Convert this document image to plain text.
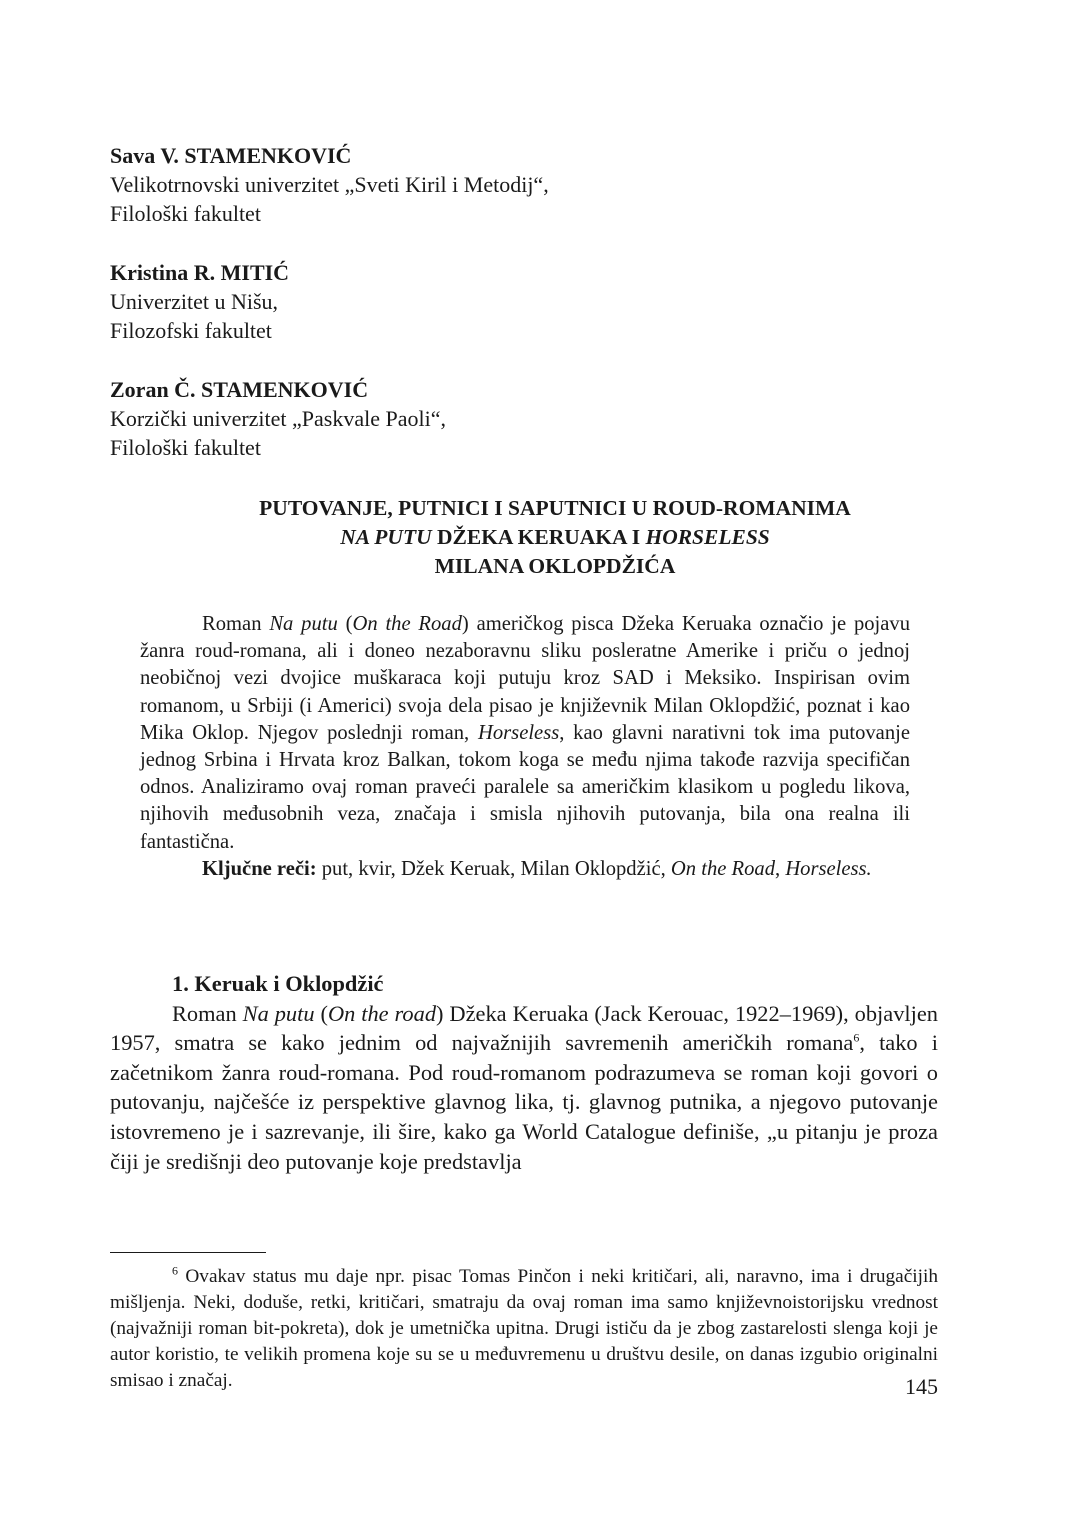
Sava V. STAMENKOVIĆ
Velikotrnovski univerzitet „Sveti Kiril i Metodij“,
Filološki fakultet
Kristina R. MITIĆ
Univerzitet u Nišu,
Filozofski fakultet
Zoran Č. STAMENKOVIĆ
Korzički univerzitet „Paskvale Paoli“,
Filološki fakultet
PUTOVANJE, PUTNICI I SAPUTNICI U ROUD-ROMANIMA
NA PUTU DŽEKA KERUAKA I HORSELESS
MILANA OKLOPDŽIĆA

Roman Na putu (On the Road) američkog pisca Džeka Keruaka označio je pojavu žanra roud-romana, ali i doneo nezaboravnu sliku posleratne Amerike i priču o jednoj neobičnoj vezi dvojice muškaraca koji putuju kroz SAD i Meksiko. Inspirisan ovim romanom, u Srbiji (i Americi) svoja dela pisao je književnik Milan Oklopdžić, poznat i kao Mika Oklop. Njegov poslednji roman, Horseless, kao glavni narativni tok ima putovanje jednog Srbina i Hrvata kroz Balkan, tokom koga se među njima takođe razvija specifičan odnos. Analiziramo ovaj roman praveći paralele sa američkim klasikom u pogledu likova, njihovih međusobnih veza, značaja i smisla njihovih putovanja, bila ona realna ili fantastična.

Ključne reči: put, kvir, Džek Keruak, Milan Oklopdžić, On the Road, Horseless.

1. Keruak i Oklopdžić

Roman Na putu (On the road) Džeka Keruaka (Jack Kerouac, 1922–1969), objavljen 1957, smatra se kako jednim od najvažnijih savremenih američkih romana$^6$, tako i začetnikom žanra roud-romana. Pod roud-romanom podrazumeva se roman koji govori o putovanju, najčešće iz perspektive glavnog lika, tj. glavnog putnika, a njegovo putovanje istovremeno je i sazrevanje, ili šire, kako ga World Catalogue definiše, „u pitanju je proza čiji je središnji deo putovanje koje predstavlja

$^6$ Ovakav status mu daje npr. pisac Tomas Pinčon i neki kritičari, ali, naravno, ima i drugačijih mišljenja. Neki, doduše, retki, kritičari, smatraju da ovaj roman ima samo književnoistorijsku vrednost (najvažniji roman bit-pokreta), dok je umetnička upitna. Drugi ističu da je zbog zastarelosti slenga koji je autor koristio, te velikih promena koje su se u međuvremenu u društvu desile, on danas izgubio originalni smisao i značaj.	145
